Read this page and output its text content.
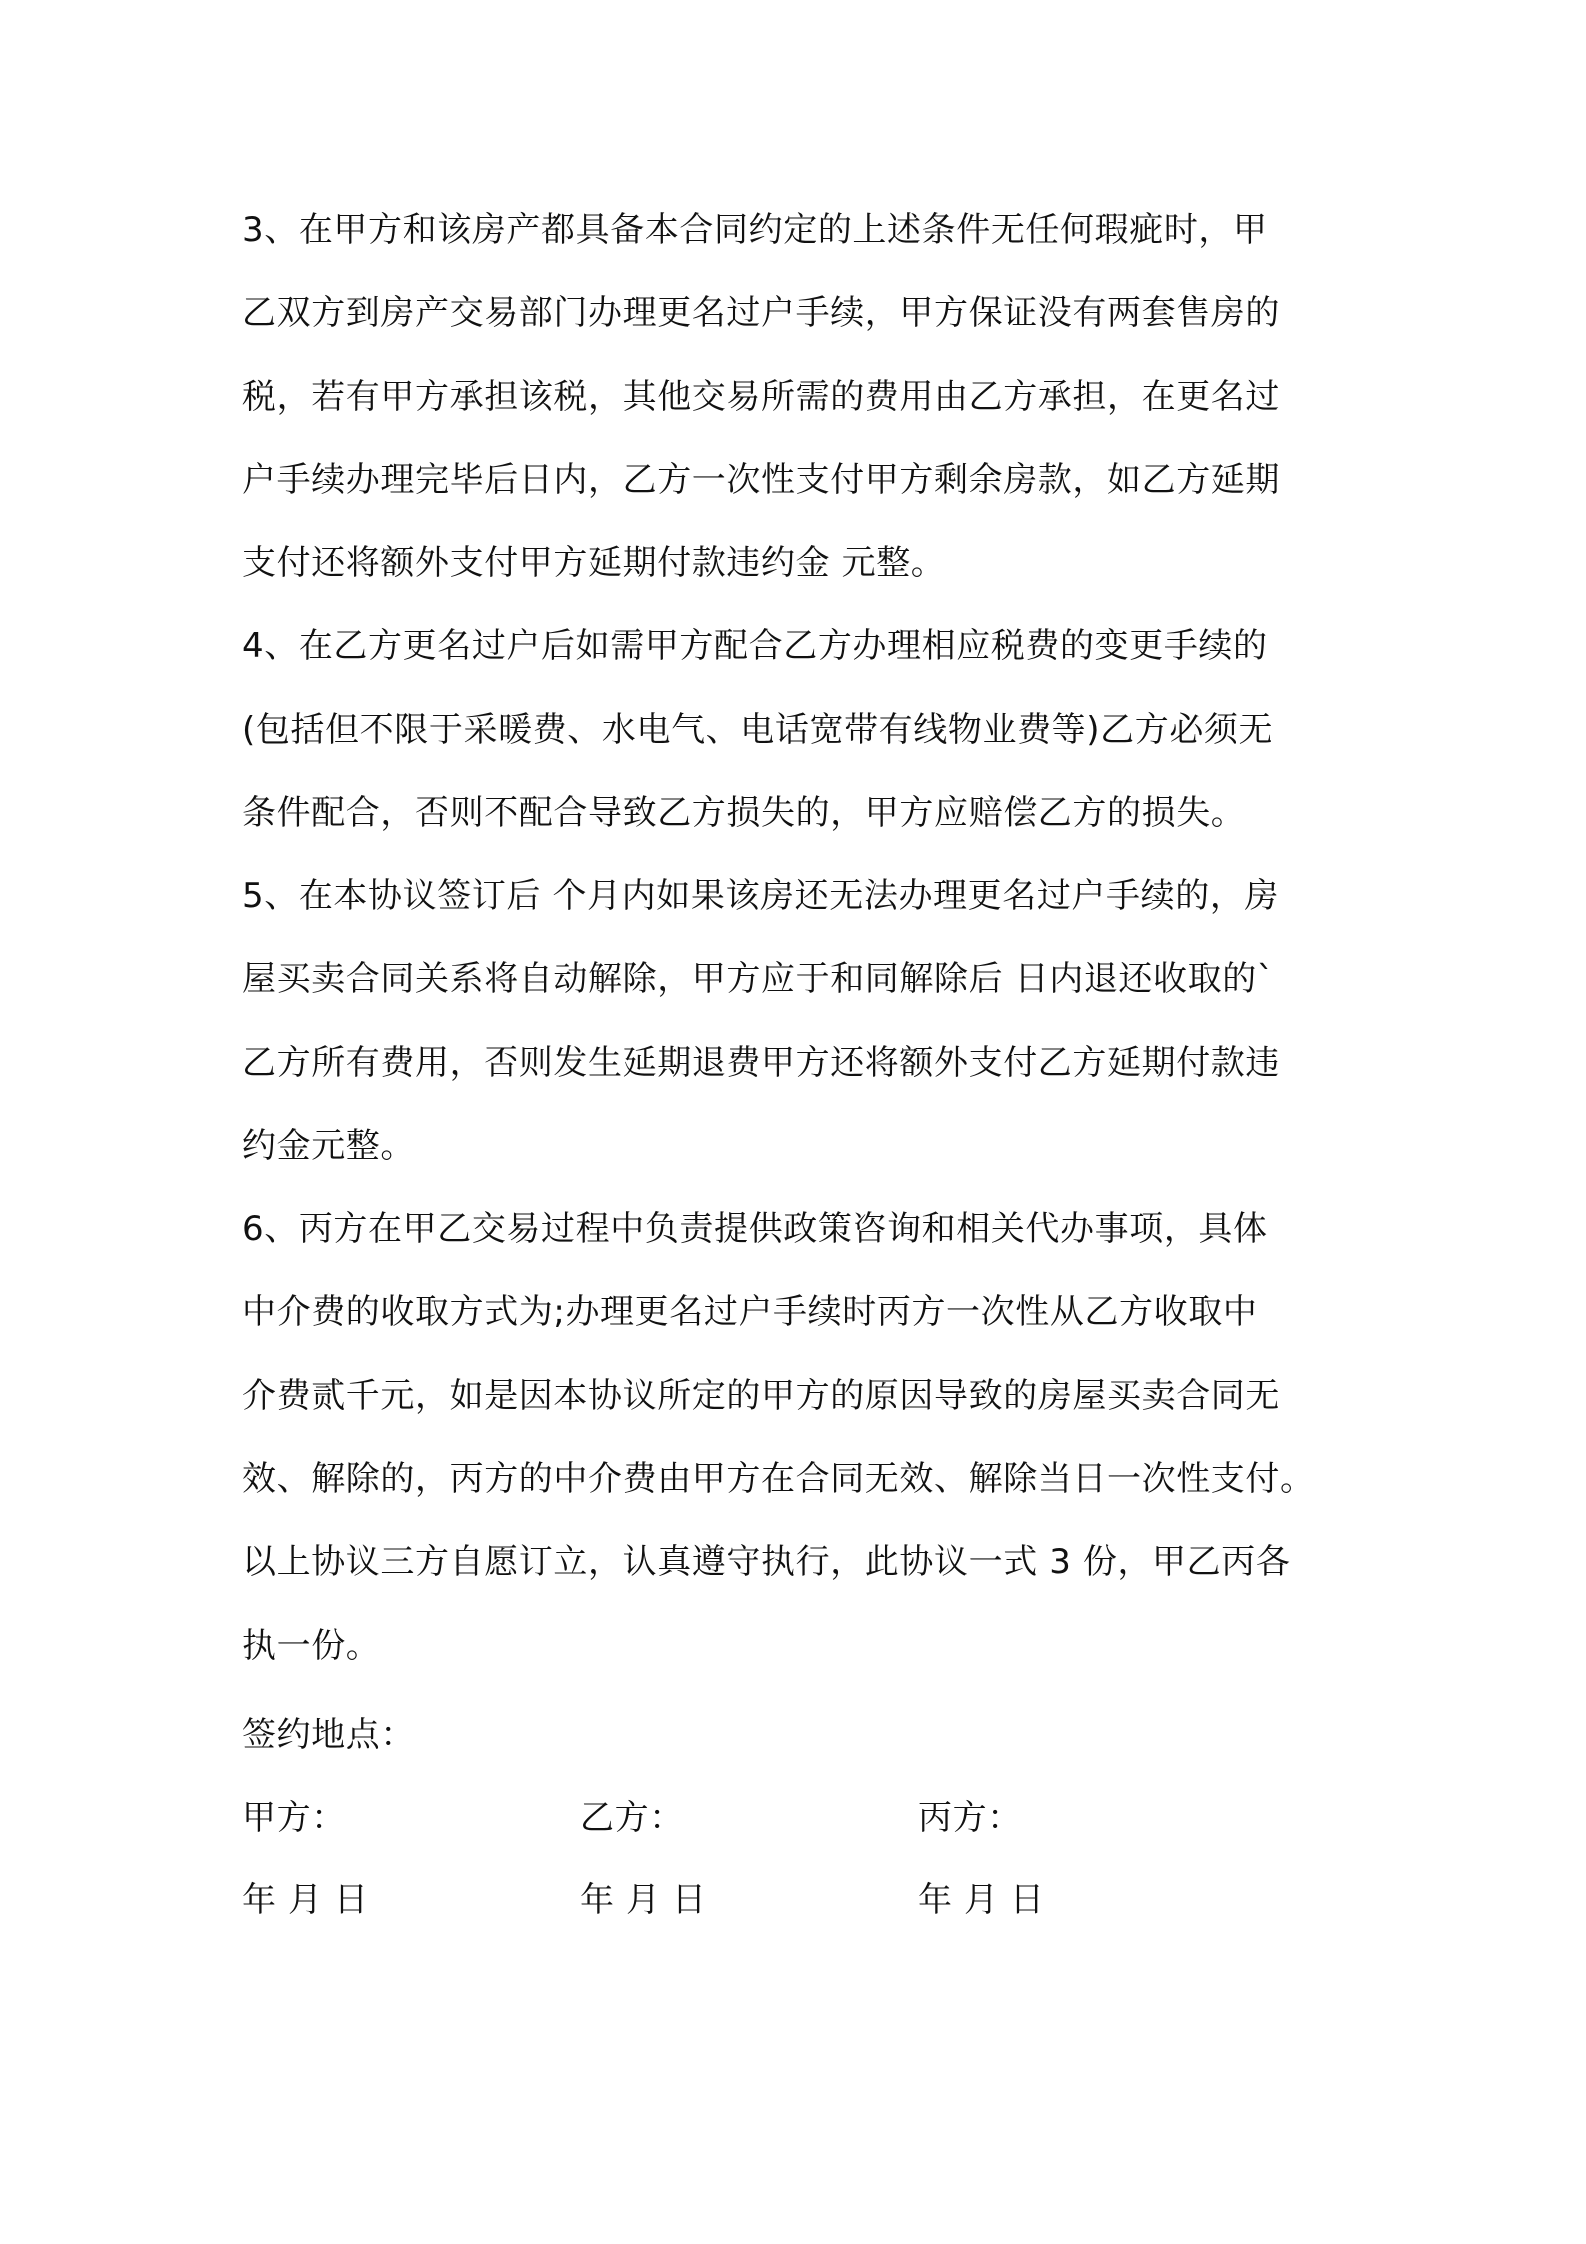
3、在甲方和该房产都具备本合同约定的上述条件无任何瑕疵时，甲
乙双方到房产交易部门办理更名过户手续，甲方保证没有两套售房的
税，若有甲方承担该税，其他交易所需的费用由乙方承担，在更名过
户手续办理完毕后日内，乙方一次性支付甲方剩余房款，如乙方延期
支付还将额外支付甲方延期付款违约金 元整。
4、在乙方更名过户后如需甲方配合乙方办理相应税费的变更手续的
(包括但不限于采暖费、水电气、电话宽带有线物业费等)乙方必须无
条件配合，否则不配合导致乙方损失的，甲方应赔偿乙方的损失。
5、在本协议签订后 个月内如果该房还无法办理更名过户手续的，房
屋买卖合同关系将自动解除，甲方应于和同解除后 日内退还收取的`
乙方所有费用，否则发生延期退费甲方还将额外支付乙方延期付款违
约金元整。
6、丙方在甲乙交易过程中负责提供政策咨询和相关代办事项，具体
中介费的收取方式为;办理更名过户手续时丙方一次性从乙方收取中
介费贰千元，如是因本协议所定的甲方的原因导致的房屋买卖合同无
效、解除的，丙方的中介费由甲方在合同无效、解除当日一次性支付。
以上协议三方自愿订立，认真遵守执行，此协议一式 3 份，甲乙丙各
执一份。
签约地点：
甲方：	乙方：	丙方：
年 月 日	年 月 日	年 月 日
